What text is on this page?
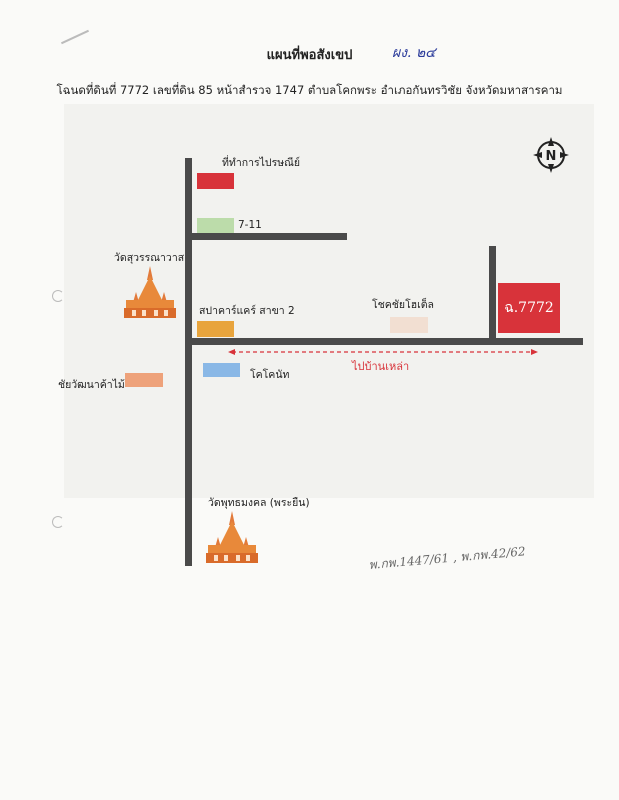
แผนที่พอสังเขป	ผง. ๒๔
โฉนดที่ดินที่ 7772 เลขที่ดิน 85 หน้าสำรวจ 1747 ตำบลโคกพระ อำเภอกันทรวิชัย จังหวัดมหาสารคาม
N
ที่ทำการไปรษณีย์
7-11
วัดสุวรรณาวาส
สปาคาร์แคร์ สาขา 2	โชคชัยโฮเต็ล	ฉ.7772
ไปบ้านเหล่า
โคโคนัท
ชัยวัฒนาค้าไม้
วัดพุทธมงคล (พระยืน)
พ.กพ.1447/61 , พ.กพ.42/62
